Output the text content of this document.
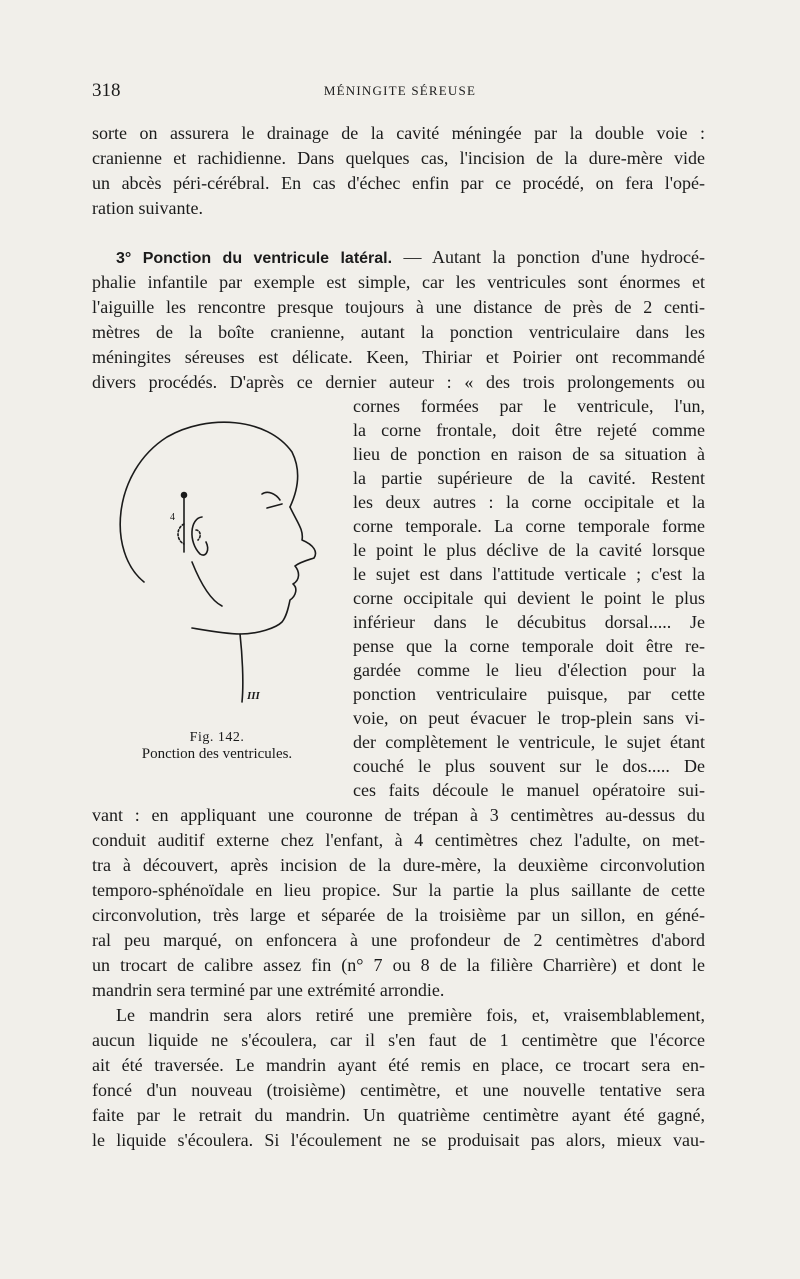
318	MÉNINGITE SÉREUSE
sorte on assurera le drainage de la cavité méningée par la double voie :
cranienne et rachidienne. Dans quelques cas, l'incision de la dure-mère vide
un abcès péri-cérébral. En cas d'échec enfin par ce procédé, on fera l'opé-
ration suivante.
3° Ponction du ventricule latéral. — Autant la ponction d'une hydrocé-
phalie infantile par exemple est simple, car les ventricules sont énormes et
l'aiguille les rencontre presque toujours à une distance de près de 2 centi-
mètres de la boîte cranienne, autant la ponction ventriculaire dans les
méningites séreuses est délicate. Keen, Thiriar et Poirier ont recommandé
divers procédés. D'après ce dernier auteur : « des trois prolongements ou
cornes formées par le ventricule, l'un,
la corne frontale, doit être rejeté comme
lieu de ponction en raison de sa situation à
la partie supérieure de la cavité. Restent
les deux autres : la corne occipitale et la
corne temporale. La corne temporale forme
le point le plus déclive de la cavité lorsque
le sujet est dans l'attitude verticale ; c'est la
corne occipitale qui devient le point le plus
inférieur dans le décubitus dorsal..... Je
pense que la corne temporale doit être re-
gardée comme le lieu d'élection pour la
ponction ventriculaire puisque, par cette
voie, on peut évacuer le trop-plein sans vi-
der complètement le ventricule, le sujet étant
couché le plus souvent sur le dos..... De
ces faits découle le manuel opératoire sui-
vant : en appliquant une couronne de trépan à 3 centimètres au-dessus du
conduit auditif externe chez l'enfant, à 4 centimètres chez l'adulte, on met-
tra à découvert, après incision de la dure-mère, la deuxième circonvolution
temporo-sphénoïdale en lieu propice. Sur la partie la plus saillante de cette
circonvolution, très large et séparée de la troisième par un sillon, en géné-
ral peu marqué, on enfoncera à une profondeur de 2 centimètres d'abord
un trocart de calibre assez fin (n° 7 ou 8 de la filière Charrière) et dont le
mandrin sera terminé par une extrémité arrondie.
Le mandrin sera alors retiré une première fois, et, vraisemblablement,
aucun liquide ne s'écoulera, car il s'en faut de 1 centimètre que l'écorce
ait été traversée. Le mandrin ayant été remis en place, ce trocart sera en-
foncé d'un nouveau (troisième) centimètre, et une nouvelle tentative sera
faite par le retrait du mandrin. Un quatrième centimètre ayant été gagné,
le liquide s'écoulera. Si l'écoulement ne se produisait pas alors, mieux vau-
4
III
Fig. 142.
Ponction des ventricules.
